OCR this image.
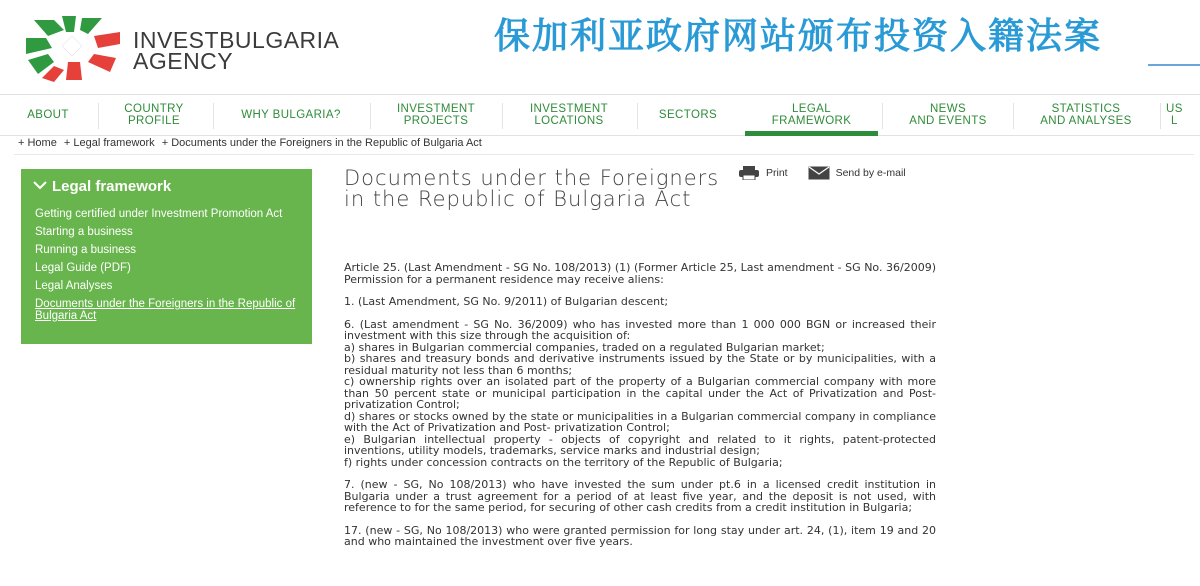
INVESTBULGARIA
AGENCY
保加利亚政府网站颁布投资入籍法案
ABOUT	COUNTRY
PROFILE	WHY BULGARIA?	INVESTMENT
PROJECTS
INVESTMENT
LOCATIONS	SECTORS	LEGAL
FRAMEWORK
NEWS
AND EVENTS
STATISTICS
AND ANALYSES
US
L
+ Home + Legal framework + Documents under the Foreigners in the Republic of Bulgaria Act
Legal framework
Getting certified under Investment Promotion Act
Starting a business
Running a business
Legal Guide (PDF)
Legal Analyses
Documents under the Foreigners in the Republic of Bulgaria Act
Documents under the Foreigners in the Republic of Bulgaria Act
Print	Send by e-mail

Article 25. (Last Amendment - SG No. 108/2013) (1) (Former Article 25, Last amendment - SG No. 36/2009) Permission for a permanent residence may receive aliens:

1. (Last Amendment, SG No. 9/2011) of Bulgarian descent;

6. (Last amendment - SG No. 36/2009) who has invested more than 1 000 000 BGN or increased their investment with this size through the acquisition of:
a) shares in Bulgarian commercial companies, traded on a regulated Bulgarian market;
b) shares and treasury bonds and derivative instruments issued by the State or by municipalities, with a residual maturity not less than 6 months;
c) ownership rights over an isolated part of the property of a Bulgarian commercial company with more than 50 percent state or municipal participation in the capital under the Act of Privatization and Post- privatization Control;
d) shares or stocks owned by the state or municipalities in a Bulgarian commercial company in compliance with the Act of Privatization and Post- privatization Control;
e) Bulgarian intellectual property - objects of copyright and related to it rights, patent-protected inventions, utility models, trademarks, service marks and industrial design;
f) rights under concession contracts on the territory of the Republic of Bulgaria;

7. (new - SG, No 108/2013) who have invested the sum under pt.6 in a licensed credit institution in Bulgaria under a trust agreement for a period of at least five year, and the deposit is not used, with reference to for the same period, for securing of other cash credits from a credit institution in Bulgaria;

17. (new - SG, No 108/2013) who were granted permission for long stay under art. 24, (1), item 19 and 20 and who maintained the investment over five years.
